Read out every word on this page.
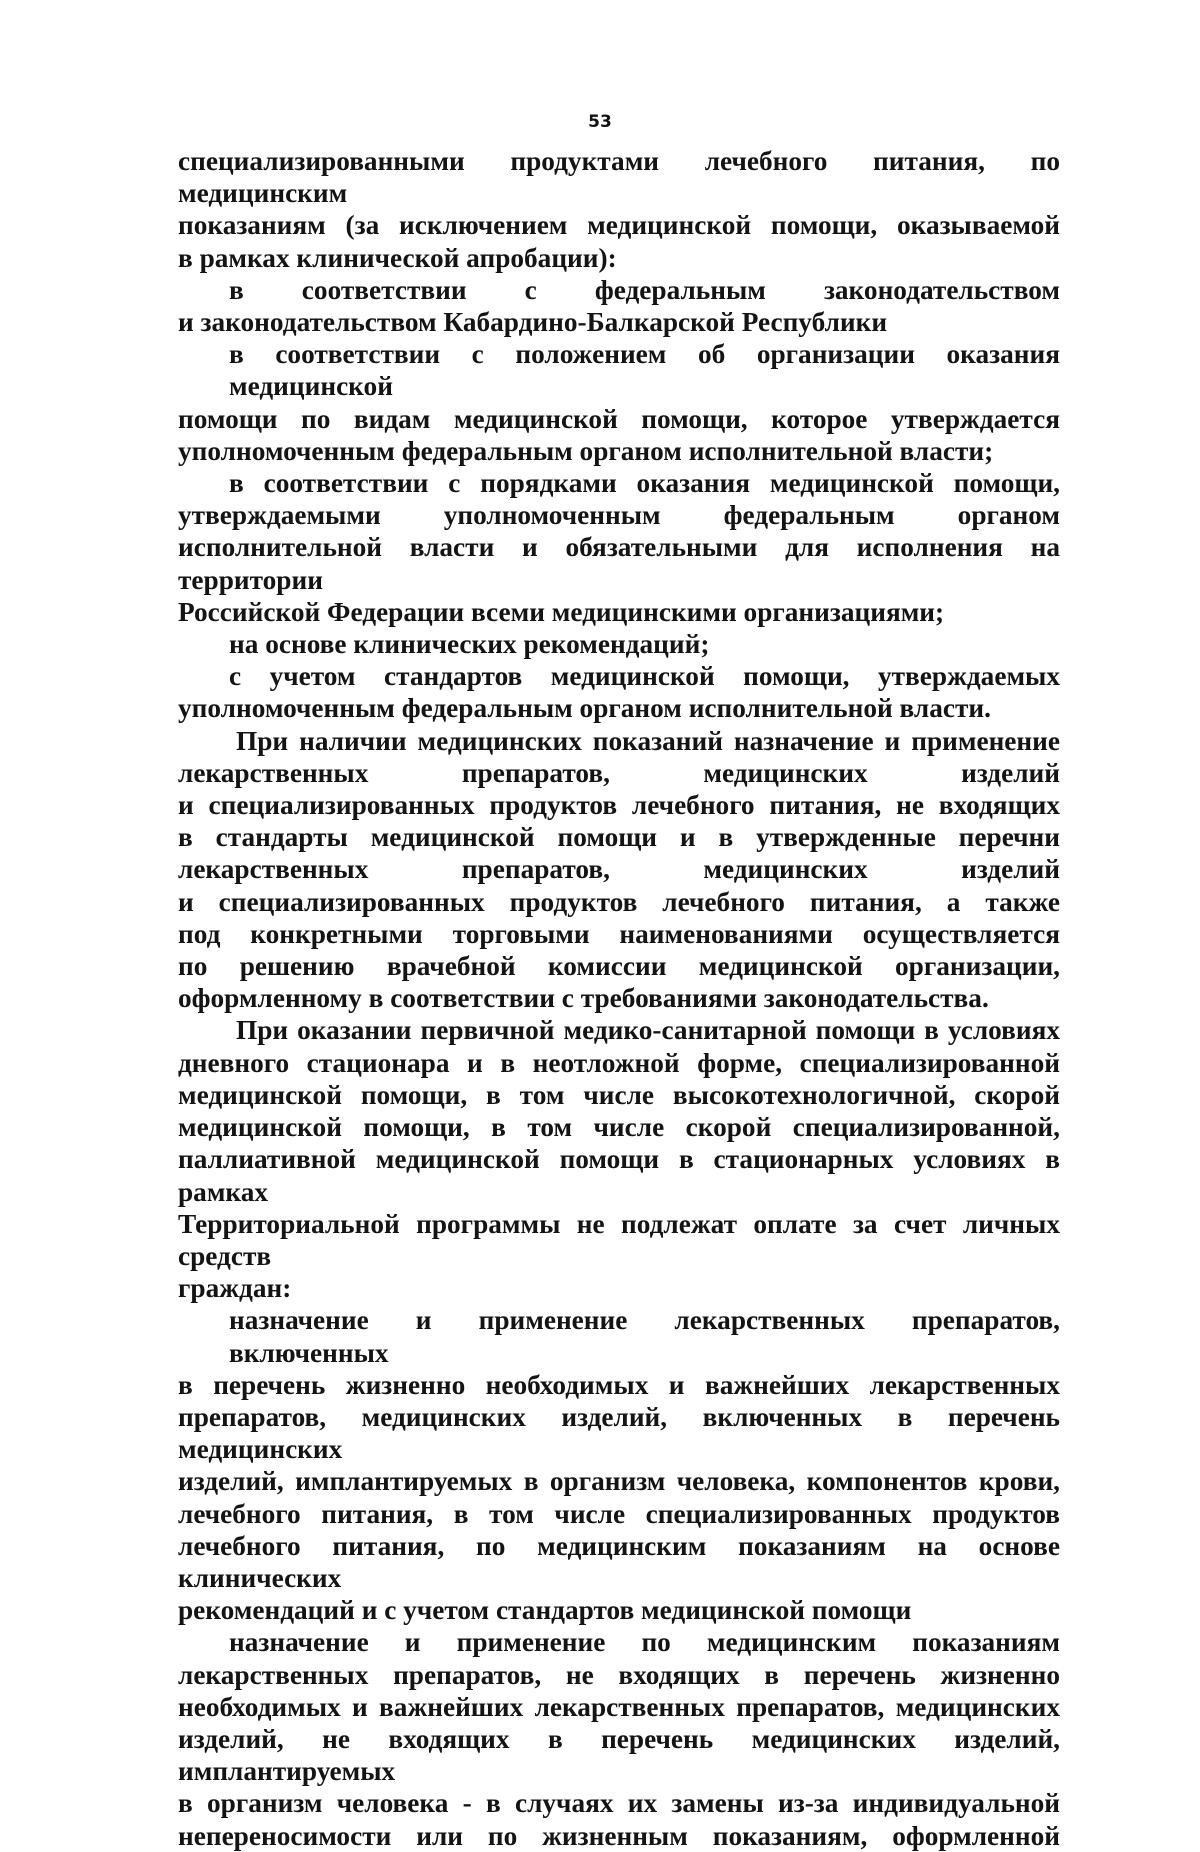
53

специализированными продуктами лечебного питания, по медицинским
показаниям (за исключением медицинской помощи, оказываемой
в рамках клинической апробации):

в соответствии с федеральным законодательством
и законодательством Кабардино-Балкарской Республики

в соответствии с положением об организации оказания медицинской
помощи по видам медицинской помощи, которое утверждается
уполномоченным федеральным органом исполнительной власти;

в соответствии с порядками оказания медицинской помощи,
утверждаемыми уполномоченным федеральным органом
исполнительной власти и обязательными для исполнения на территории
Российской Федерации всеми медицинскими организациями;

на основе клинических рекомендаций;

с учетом стандартов медицинской помощи, утверждаемых
уполномоченным федеральным органом исполнительной власти.

При наличии медицинских показаний назначение и применение
лекарственных препаратов, медицинских изделий
и специализированных продуктов лечебного питания, не входящих
в стандарты медицинской помощи и в утвержденные перечни
лекарственных препаратов, медицинских изделий
и специализированных продуктов лечебного питания, а также
под конкретными торговыми наименованиями осуществляется
по решению врачебной комиссии медицинской организации,
оформленному в соответствии с требованиями законодательства.

При оказании первичной медико-санитарной помощи в условиях
дневного стационара и в неотложной форме, специализированной
медицинской помощи, в том числе высокотехнологичной, скорой
медицинской помощи, в том числе скорой специализированной,
паллиативной медицинской помощи в стационарных условиях в рамках
Территориальной программы не подлежат оплате за счет личных средств
граждан:

назначение и применение лекарственных препаратов, включенных
в перечень жизненно необходимых и важнейших лекарственных
препаратов, медицинских изделий, включенных в перечень медицинских
изделий, имплантируемых в организм человека, компонентов крови,
лечебного питания, в том числе специализированных продуктов
лечебного питания, по медицинским показаниям на основе клинических
рекомендаций и с учетом стандартов медицинской помощи

назначение и применение по медицинским показаниям
лекарственных препаратов, не входящих в перечень жизненно
необходимых и важнейших лекарственных препаратов, медицинских
изделий, не входящих в перечень медицинских изделий, имплантируемых
в организм человека - в случаях их замены из-за индивидуальной
непереносимости или по жизненным показаниям, оформленной
